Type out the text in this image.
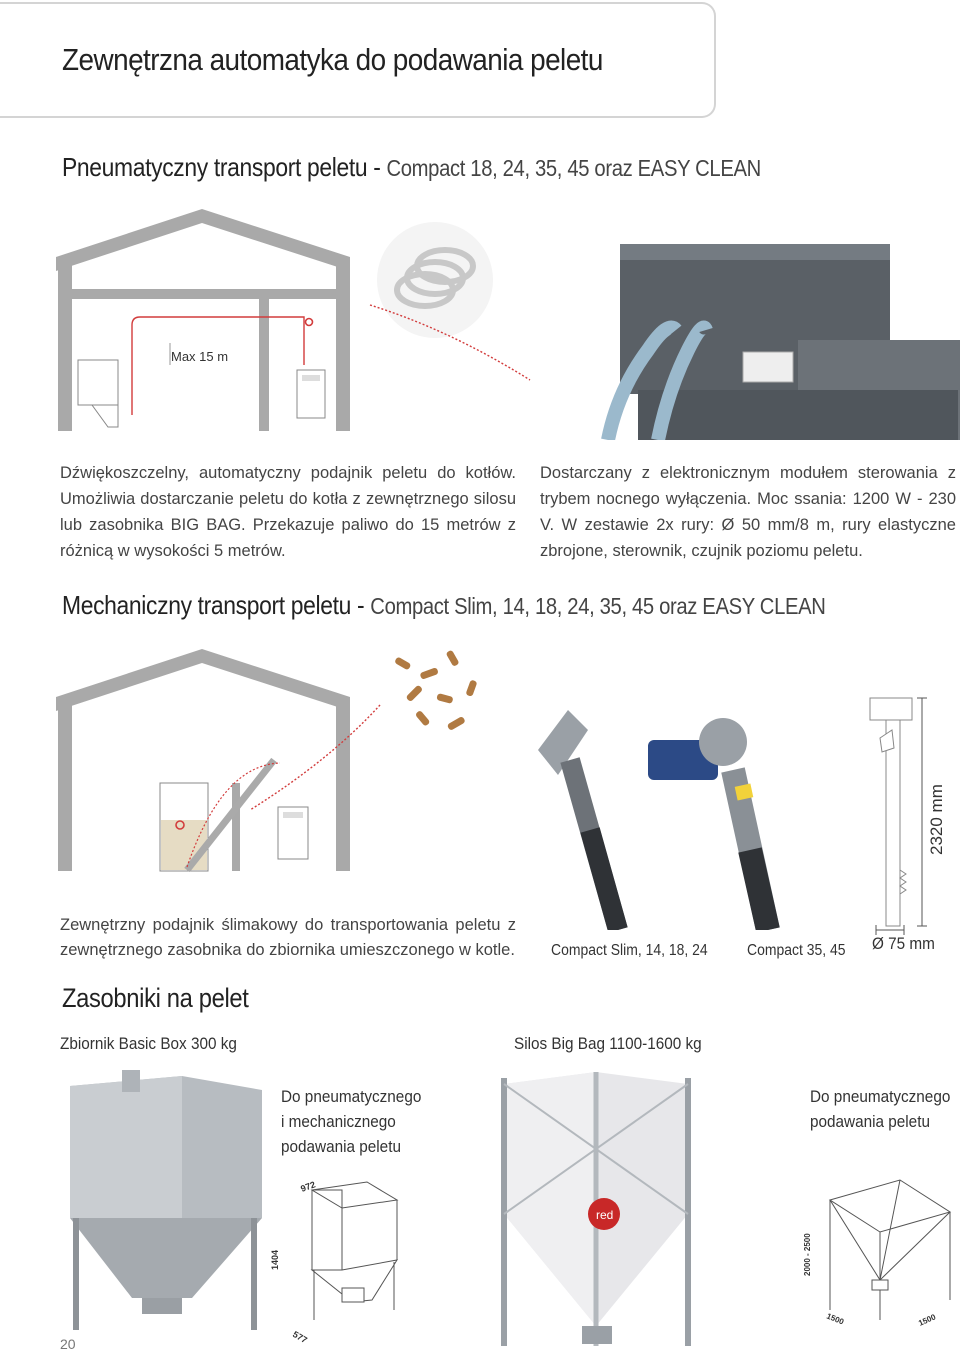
Zewnętrzna automatyka do podawania peletu
Pneumatyczny transport peletu - Compact 18, 24, 35, 45 oraz EASY CLEAN
Max 15 m
Dźwiękoszczelny, automatyczny podajnik peletu do kotłów. Umożliwia dostarczanie peletu do kotła z zewnętrznego silosu lub zasobnika BIG BAG. Przekazuje paliwo do 15 metrów z różnicą w wysokości 5 metrów.
Dostarczany z elektronicznym modułem sterowania z trybem nocnego wyłączenia. Moc ssania: 1200 W - 230 V. W zestawie 2x rury: Ø 50 mm/8 m, rury elastyczne zbrojone, sterownik, czujnik poziomu peletu.
Mechaniczny transport peletu - Compact Slim, 14, 18, 24, 35, 45 oraz EASY CLEAN
2320 mm
Zewnętrzny podajnik ślimakowy do transportowania peletu z zewnętrznego zasobnika do zbiornika umieszczonego w kotle. Compact Slim, 14, 18, 24	Compact 35, 45 Ø 75 mm
Zasobniki na pelet
Zbiornik Basic Box 300 kg	Silos Big Bag 1100-1600 kg
Do pneumatycznego
i mechanicznego
podawania peletu
Do pneumatycznego
podawania peletu
972
1404
577
red
2000 - 2500
1500	1500
20
